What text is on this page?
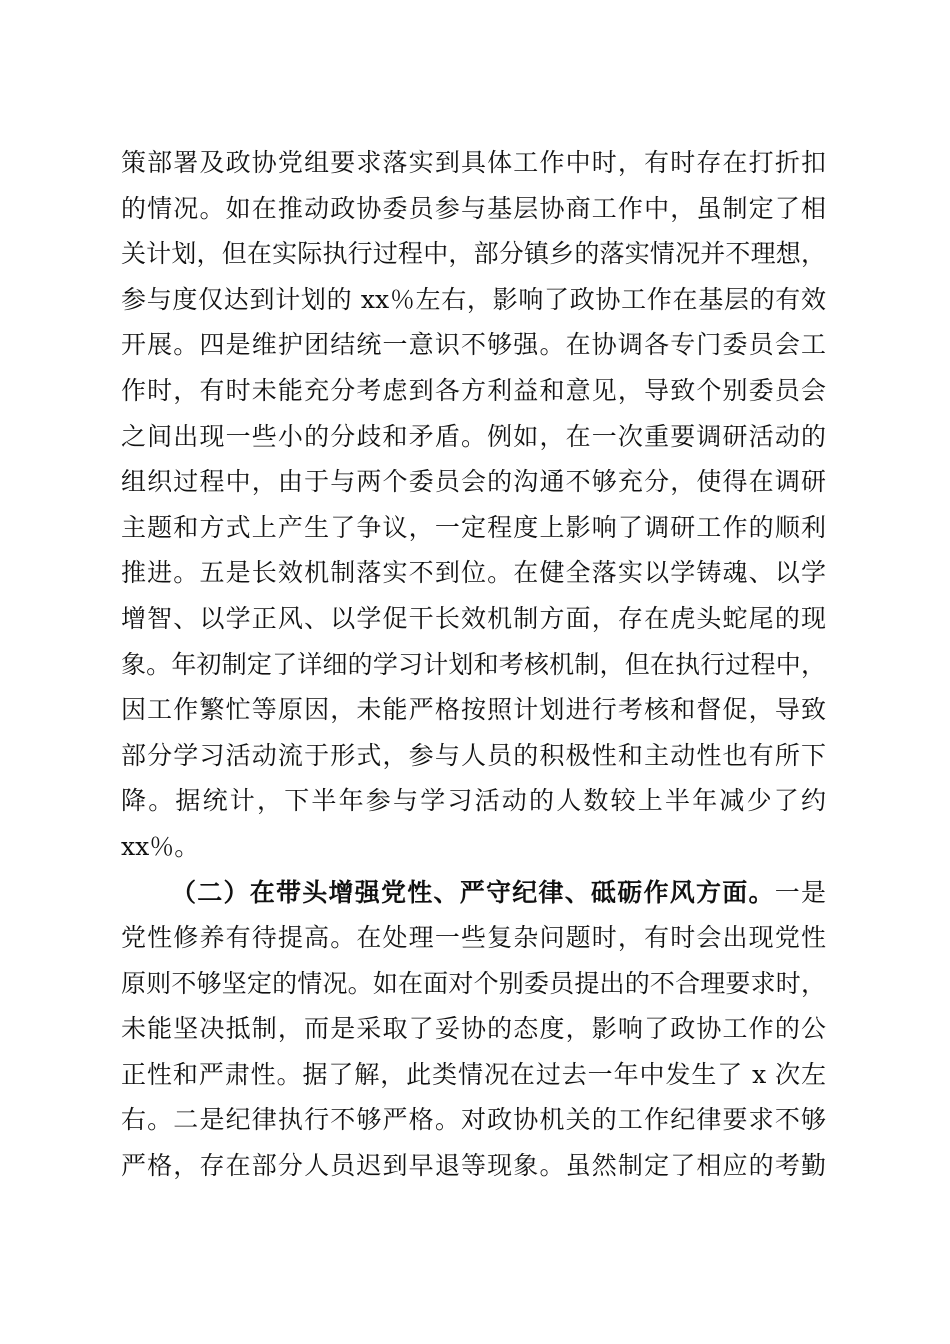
策部署及政协党组要求落实到具体工作中时，有时存在打折扣
的情况。如在推动政协委员参与基层协商工作中，虽制定了相
关计划，但在实际执行过程中，部分镇乡的落实情况并不理想，
参与度仅达到计划的 xx％左右，影响了政协工作在基层的有效
开展。四是维护团结统一意识不够强。在协调各专门委员会工
作时，有时未能充分考虑到各方利益和意见，导致个别委员会
之间出现一些小的分歧和矛盾。例如，在一次重要调研活动的
组织过程中，由于与两个委员会的沟通不够充分，使得在调研
主题和方式上产生了争议，一定程度上影响了调研工作的顺利
推进。五是长效机制落实不到位。在健全落实以学铸魂、以学
增智、以学正风、以学促干长效机制方面，存在虎头蛇尾的现
象。年初制定了详细的学习计划和考核机制，但在执行过程中，
因工作繁忙等原因，未能严格按照计划进行考核和督促，导致
部分学习活动流于形式，参与人员的积极性和主动性也有所下
降。据统计，下半年参与学习活动的人数较上半年减少了约
xx％。
（二）在带头增强党性、严守纪律、砥砺作风方面。一是
党性修养有待提高。在处理一些复杂问题时，有时会出现党性
原则不够坚定的情况。如在面对个别委员提出的不合理要求时，
未能坚决抵制，而是采取了妥协的态度，影响了政协工作的公
正性和严肃性。据了解，此类情况在过去一年中发生了 x 次左
右。二是纪律执行不够严格。对政协机关的工作纪律要求不够
严格，存在部分人员迟到早退等现象。虽然制定了相应的考勤
